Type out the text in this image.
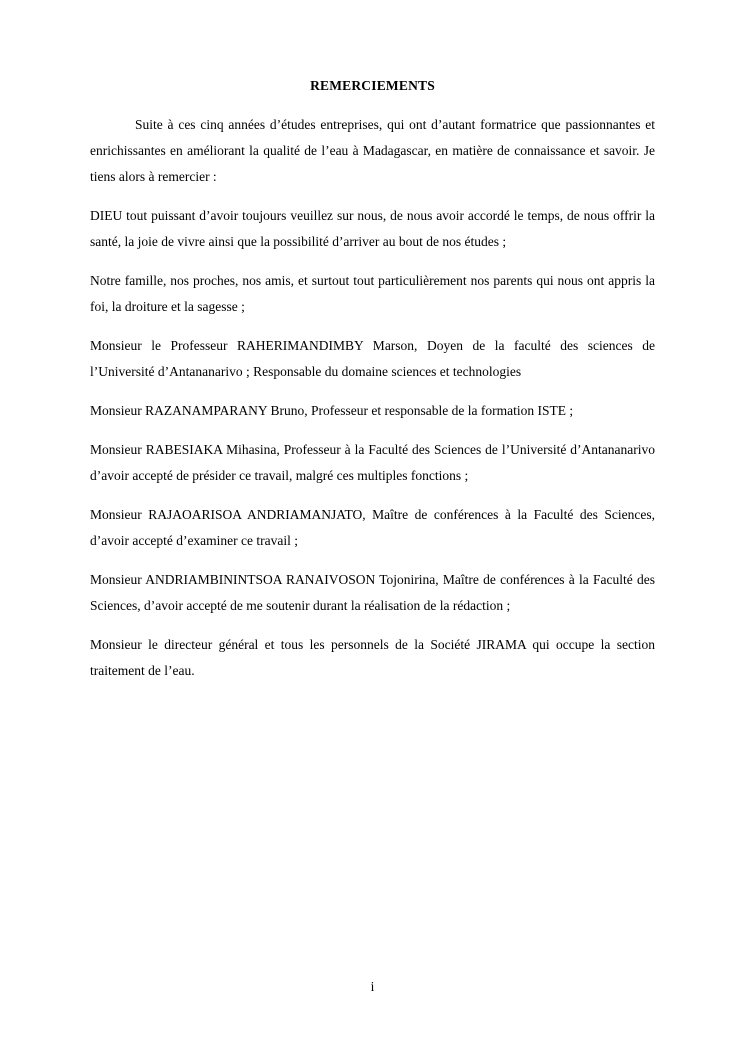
REMERCIEMENTS

Suite à ces cinq années d’études entreprises, qui ont d’autant formatrice que passionnantes et enrichissantes en améliorant la qualité de l’eau à Madagascar, en matière de connaissance et savoir. Je tiens alors à remercier :

DIEU tout puissant d’avoir toujours veuillez sur nous, de nous avoir accordé le temps, de nous offrir la santé, la joie de vivre ainsi que la possibilité d’arriver au bout de nos études ;

Notre famille, nos proches, nos amis, et surtout tout particulièrement nos parents qui nous ont appris la foi, la droiture et la sagesse ;

Monsieur le Professeur RAHERIMANDIMBY Marson, Doyen de la faculté des sciences de l’Université d’Antananarivo ; Responsable du domaine sciences et technologies

Monsieur RAZANAMPARANY Bruno, Professeur et responsable de la formation ISTE ;

Monsieur RABESIAKA Mihasina, Professeur à la Faculté des Sciences de l’Université d’Antananarivo d’avoir accepté de présider ce travail, malgré ces multiples fonctions ;

Monsieur RAJAOARISOA ANDRIAMANJATO, Maître de conférences à la Faculté des Sciences, d’avoir accepté d’examiner ce travail ;

Monsieur ANDRIAMBININTSOA RANAIVOSON Tojonirina, Maître de conférences à la Faculté des Sciences, d’avoir accepté de me soutenir durant la réalisation de la rédaction ;

Monsieur le directeur général et tous les personnels de la Société JIRAMA qui occupe la section traitement de l’eau.

i
